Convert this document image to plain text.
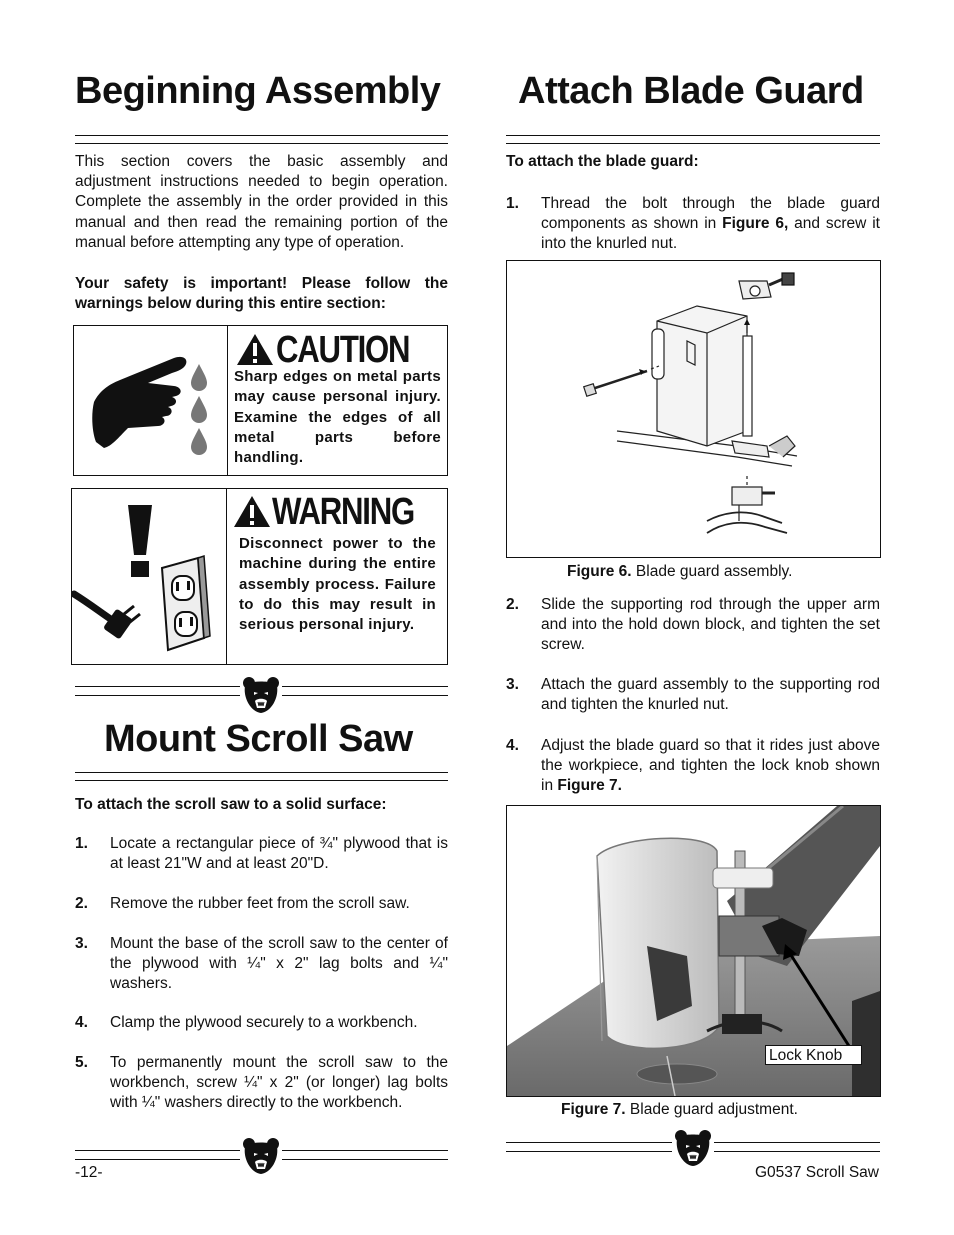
Beginning Assembly
This section covers the basic assembly and adjustment instructions needed to begin operation. Complete the assembly in the order provided in this manual and then read the remaining portion of the manual before attempting any type of operation.
Your safety is important! Please follow the warnings below during this entire section:
CAUTION
Sharp edges on metal parts may cause personal injury. Examine the edges of all metal parts before handling.
WARNING
Disconnect power to the machine during the entire assembly process. Failure to do this may result in serious personal injury.
Mount Scroll Saw
To attach the scroll saw to a solid surface:
1. Locate a rectangular piece of ¾" plywood that is at least 21"W and at least 20"D.
2. Remove the rubber feet from the scroll saw.
3. Mount the base of the scroll saw to the center of the plywood with ¼" x 2" lag bolts and ¼" washers.
4. Clamp the plywood securely to a workbench.
5. To permanently mount the scroll saw to the workbench, screw ¼" x 2" (or longer) lag bolts with ¼" washers directly to the workbench.
-12-
Attach Blade Guard
To attach the blade guard:
1. Thread the bolt through the blade guard components as shown in Figure 6, and screw it into the knurled nut.
Figure 6. Blade guard assembly.
2. Slide the supporting rod through the upper arm and into the hold down block, and tighten the set screw.
3. Attach the guard assembly to the supporting rod and tighten the knurled nut.
4. Adjust the blade guard so that it rides just above the workpiece, and tighten the lock knob shown in Figure 7.
Lock Knob
Figure 7. Blade guard adjustment.
G0537 Scroll Saw
